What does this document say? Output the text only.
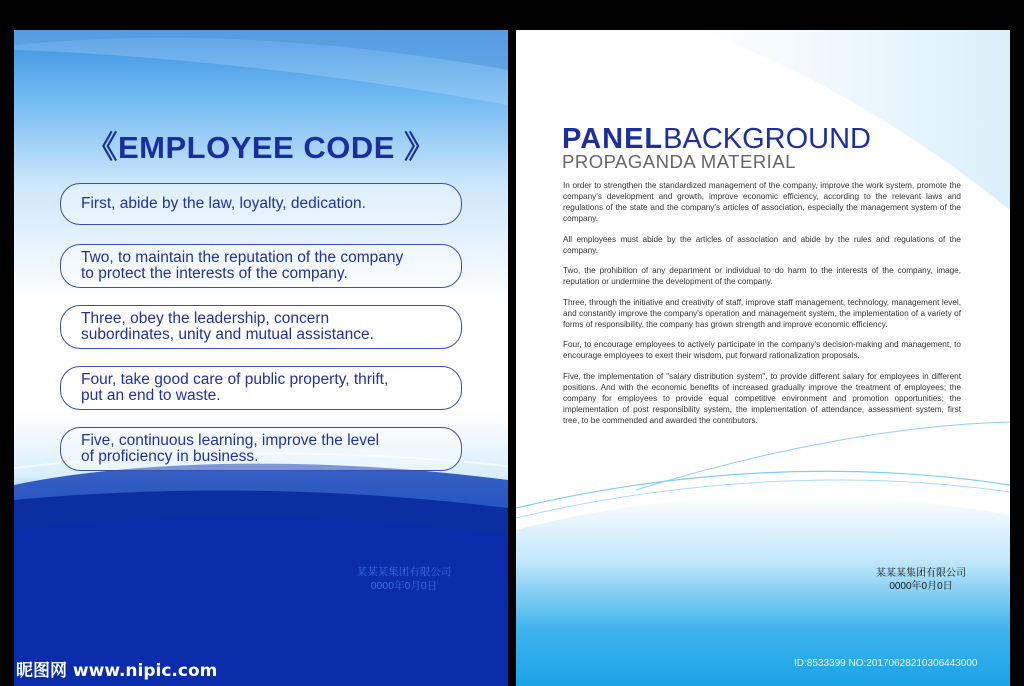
《EMPLOYEE CODE 》
First, abide by the law, loyalty, dedication.
Two, to maintain the reputation of the company
to protect the interests of the company.
Three, obey the leadership, concern
subordinates, unity and mutual assistance.
Four, take good care of public property, thrift,
put an end to waste.
Five, continuous learning, improve the level
of proficiency in business.
某某某集团有限公司
0000年0月0日
昵图网 www.nipic.com
PANELBACKGROUND
PROPAGANDA MATERIAL

In order to strengthen the standardized management of the company, improve the work system, promote the company's development and growth, improve economic efficiency, according to the relevant laws and regulations of the state and the company's articles of association, especially the management system of the company.

All employees must abide by the articles of association and abide by the rules and regulations of the company.

Two, the prohibition of any department or individual to do harm to the interests of the company, image, reputation or undermine the development of the company.

Three, through the initiative and creativity of staff, improve staff management, technology, management level, and constantly improve the company's operation and management system, the implementation of a variety of forms of responsibility, the company has grown strength and improve economic efficiency.

Four, to encourage employees to actively participate in the company's decision-making and management, to encourage employees to exert their wisdom, put forward rationalization proposals.

Five, the implementation of "salary distribution system", to provide different salary for employees in different positions. And with the economic benefits of increased gradually improve the treatment of employees; the company for employees to provide equal competitive environment and promotion opportunities; the implementation of post responsibility system, the implementation of attendance, assessment system, first tree, to be commended and awarded the contributors.

某某某集团有限公司
0000年0月0日
ID:8533399 NO:20170628210306443000
